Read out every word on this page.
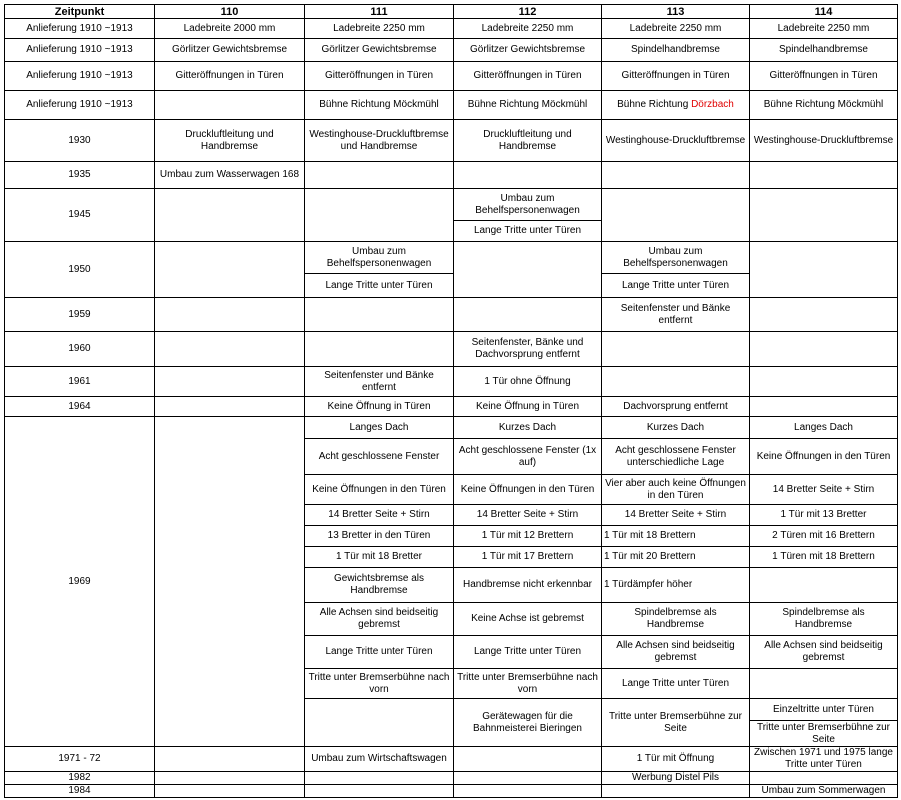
Zeitpunkt	110	111	112	113	114
Anlieferung 1910 ~1913	Ladebreite 2000 mm	Ladebreite 2250 mm	Ladebreite 2250 mm	Ladebreite 2250 mm	Ladebreite 2250 mm
Anlieferung 1910 ~1913	Görlitzer Gewichtsbremse	Görlitzer Gewichtsbremse	Görlitzer Gewichtsbremse	Spindelhandbremse	Spindelhandbremse
Anlieferung 1910 ~1913	Gitteröffnungen in Türen	Gitteröffnungen in Türen	Gitteröffnungen in Türen	Gitteröffnungen in Türen	Gitteröffnungen in Türen
Anlieferung 1910 ~1913		Bühne Richtung Möckmühl	Bühne Richtung Möckmühl	Bühne Richtung Dörzbach	Bühne Richtung Möckmühl
1930	Druckluftleitung und Handbremse	Westinghouse-Druckluftbremse und Handbremse	Druckluftleitung und Handbremse	Westinghouse-Druckluftbremse	Westinghouse-Druckluftbremse
1935	Umbau zum Wasserwagen 168				
1945			Umbau zum Behelfspersonenwagen		
			Lange Tritte unter Türen		
1950		Umbau zum Behelfspersonenwagen		Umbau zum Behelfspersonenwagen	
		Lange Tritte unter Türen		Lange Tritte unter Türen	
1959				Seitenfenster und Bänke entfernt	
1960			Seitenfenster, Bänke und Dachvorsprung entfernt		
1961		Seitenfenster und Bänke entfernt	1 Tür ohne Öffnung		
1964		Keine Öffnung in Türen	Keine Öffnung in Türen	Dachvorsprung entfernt	
1969		Langes Dach	Kurzes Dach	Kurzes Dach	Langes Dach
		Acht geschlossene Fenster	Acht geschlossene Fenster (1x auf)	Acht geschlossene Fenster unterschiedliche Lage	Keine Öffnungen in den Türen
		Keine Öffnungen in den Türen	Keine Öffnungen in den Türen	Vier aber auch keine Öffnungen in den Türen	14 Bretter Seite + Stirn
		14 Bretter Seite + Stirn	14 Bretter Seite + Stirn	14 Bretter Seite + Stirn	1 Tür mit 13 Bretter
		13 Bretter in den Türen	1 Tür mit 12 Brettern	1 Tür mit 18 Brettern	2 Türen mit 16 Brettern
		1 Tür mit 18 Bretter	1 Tür mit 17 Brettern	1 Tür mit 20 Brettern	1 Türen mit 18 Brettern
		Gewichtsbremse als Handbremse	Handbremse nicht erkennbar	1 Türdämpfer höher	
		Alle Achsen sind beidseitig gebremst	Keine Achse ist gebremst	Spindelbremse als Handbremse	Spindelbremse als Handbremse
		Lange Tritte unter Türen	Lange Tritte unter Türen	Alle Achsen sind beidseitig gebremst	Alle Achsen sind beidseitig gebremst
		Tritte unter Bremserbühne nach vorn	Tritte unter Bremserbühne nach vorn	Lange Tritte unter Türen	
			Gerätewagen für die Bahnmeisterei Bieringen	Tritte unter Bremserbühne zur Seite	Einzeltritte unter Türen
					Tritte unter Bremserbühne zur Seite
1971 - 72		Umbau zum Wirtschaftswagen		1 Tür mit Öffnung	Zwischen 1971 und 1975 lange Tritte unter Türen
1982				Werbung Distel Pils	
1984					Umbau zum Sommerwagen
